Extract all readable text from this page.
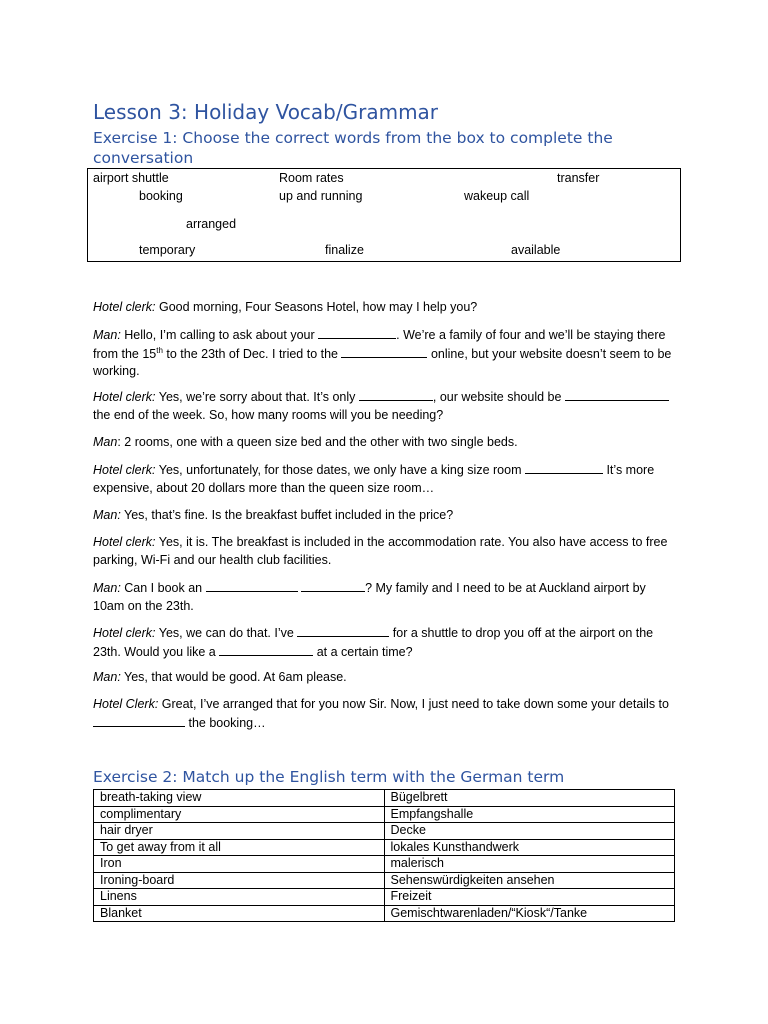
Lesson 3: Holiday Vocab/Grammar
Exercise 1: Choose the correct words from the box to complete the conversation
airport shuttle	Room rates	transfer
booking	up and running	wakeup call
arranged
temporary	finalize	available

Hotel clerk: Good morning, Four Seasons Hotel, how may I help you?

Man: Hello, I’m calling to ask about your	. We’re a family of four and we’ll be staying there from the 15th to the 23th of Dec. I tried to the	online, but your website doesn’t seem to be working.

Hotel clerk: Yes, we’re sorry about that. It’s only	, our website should be the end of the week. So, how many rooms will you be needing?

Man: 2 rooms, one with a queen size bed and the other with two single beds.

Hotel clerk: Yes, unfortunately, for those dates, we only have a king size room	It’s more expensive, about 20 dollars more than the queen size room…

Man: Yes, that’s fine. Is the breakfast buffet included in the price?

Hotel clerk: Yes, it is. The breakfast is included in the accommodation rate. You also have access to free parking, Wi-Fi and our health club facilities.

Man: Can I book an	? My family and I need to be at Auckland airport by 10am on the 23th.

Hotel clerk: Yes, we can do that. I’ve	for a shuttle to drop you off at the airport on the 23th. Would you like a	at a certain time?

Man: Yes, that would be good. At 6am please.

Hotel Clerk: Great, I’ve arranged that for you now Sir. Now, I just need to take down some your details to  the booking…

Exercise 2: Match up the English term with the German term
breath-taking view	Bügelbrett
complimentary	Empfangshalle
hair dryer	Decke
To get away from it all	lokales Kunsthandwerk
Iron	malerisch
Ironing-board	Sehenswürdigkeiten ansehen
Linens	Freizeit
Blanket	Gemischtwarenladen/“Kiosk“/Tanke
